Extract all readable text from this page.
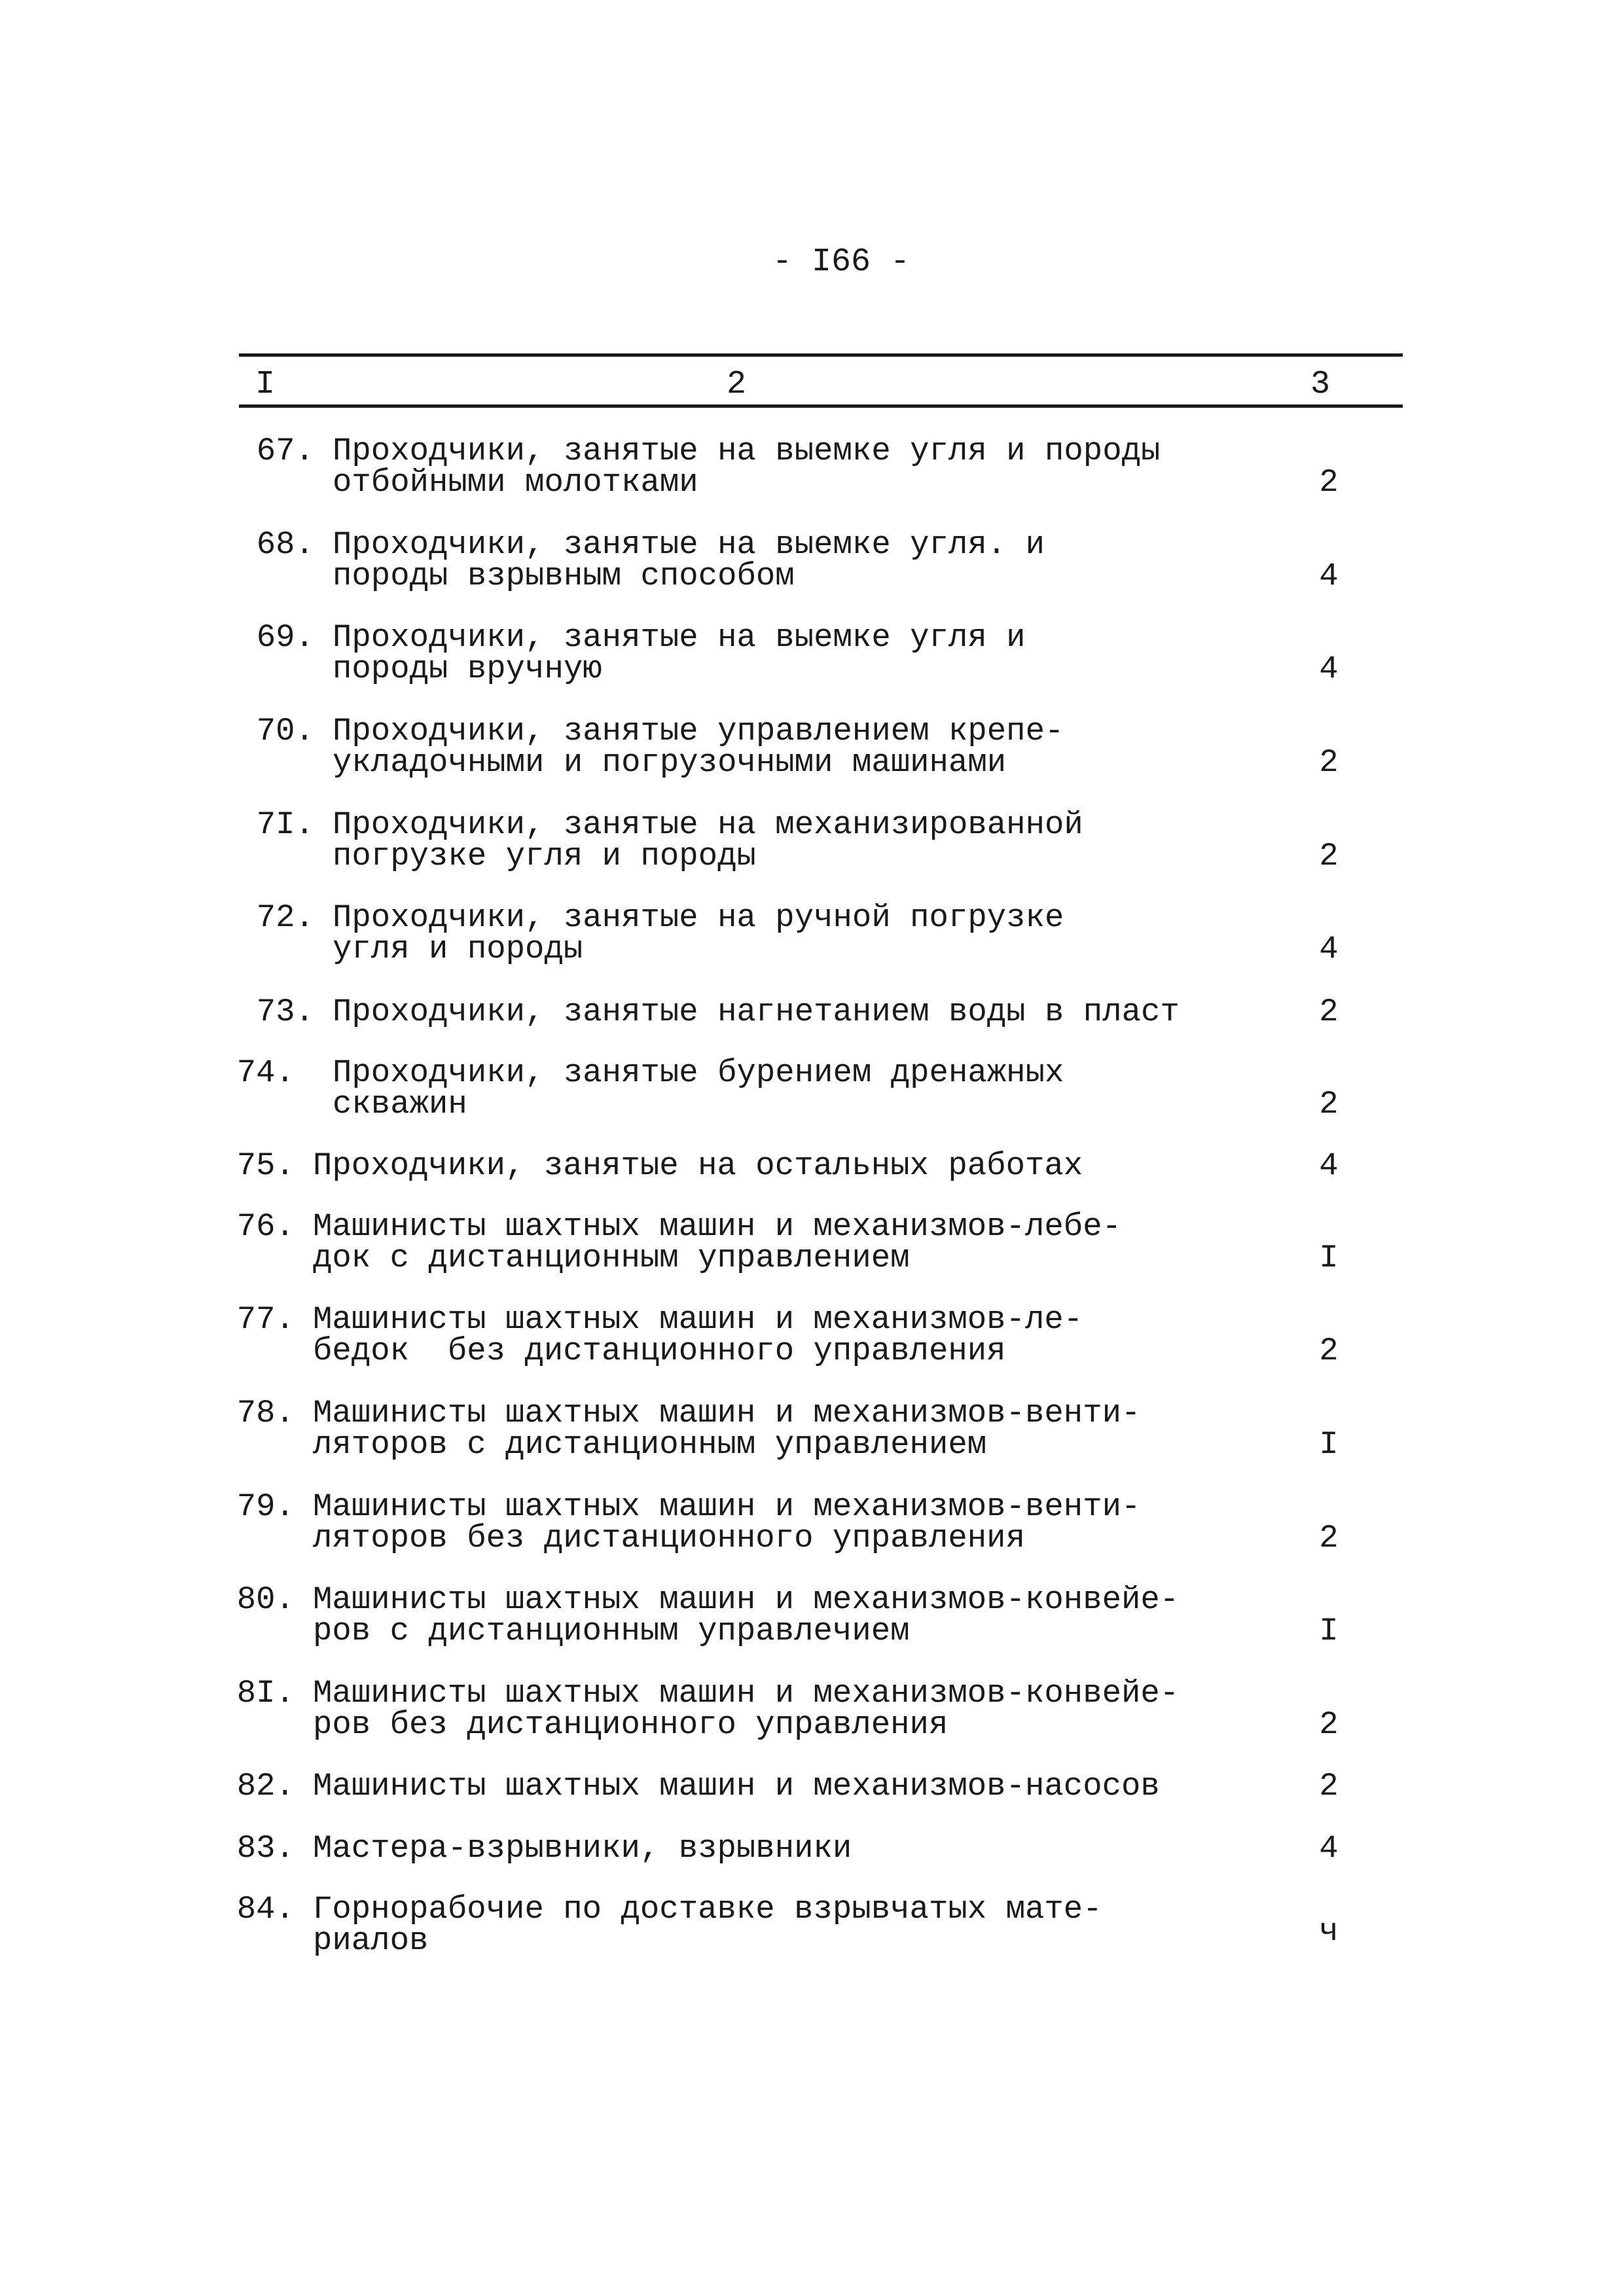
- I66 -
I	2	3
67. Проходчики, занятые на выемке угля и породы
отбойными молотками	2
68. Проходчики, занятые на выемке угля. и
породы взрывным способом	4
69. Проходчики, занятые на выемке угля и
породы вручную	4
70. Проходчики, занятые управлением крепе-
укладочными и погрузочными машинами	2
7I. Проходчики, занятые на механизированной
погрузке угля и породы	2
72. Проходчики, занятые на ручной погрузке
угля и породы	4
73. Проходчики, занятые нагнетанием воды в пласт	2
74. Проходчики, занятые бурением дренажных
скважин	2
75. Проходчики, занятые на остальных работах	4
76. Машинисты шахтных машин и механизмов-лебе-
док с дистанционным управлением	I
77. Машинисты шахтных машин и механизмов-ле-
бедок  без дистанционного управления	2
78. Машинисты шахтных машин и механизмов-венти-
ляторов с дистанционным управлением	I
79. Машинисты шахтных машин и механизмов-венти-
ляторов без дистанционного управления	2
80. Машинисты шахтных машин и механизмов-конвейе-
ров с дистанционным управлечием	I
8I. Машинисты шахтных машин и механизмов-конвейе-
ров без дистанционного управления	2
82. Машинисты шахтных машин и механизмов-насосов	2
83. Мастера-взрывники, взрывники	4
84. Горнорабочие по доставке взрывчатых мате-
риалов	ч
